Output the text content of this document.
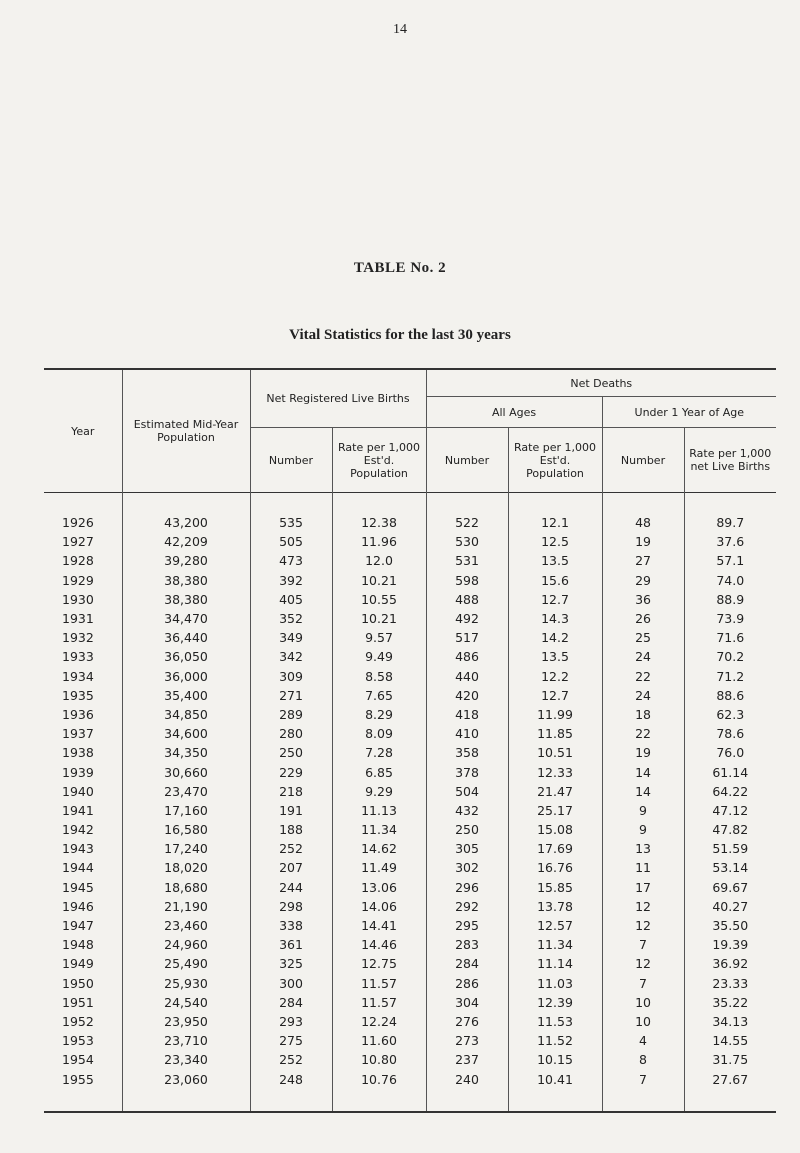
14
TABLE No. 2
Vital Statistics for the last 30 years
Year	Estimated Mid-Year Population	Net Registered Live Births		Net Deaths			
				All Ages		Under 1 Year of Age	
		Number	Rate per 1,000 Est'd. Population	Number	Rate per 1,000 Est'd. Population	Number	Rate per 1,000 net Live Births

1926	43,200	535	12.38	522	12.1	48	89.7
1927	42,209	505	11.96	530	12.5	19	37.6
1928	39,280	473	12.0	531	13.5	27	57.1
1929	38,380	392	10.21	598	15.6	29	74.0
1930	38,380	405	10.55	488	12.7	36	88.9
1931	34,470	352	10.21	492	14.3	26	73.9
1932	36,440	349	9.57	517	14.2	25	71.6
1933	36,050	342	9.49	486	13.5	24	70.2
1934	36,000	309	8.58	440	12.2	22	71.2
1935	35,400	271	7.65	420	12.7	24	88.6
1936	34,850	289	8.29	418	11.99	18	62.3
1937	34,600	280	8.09	410	11.85	22	78.6
1938	34,350	250	7.28	358	10.51	19	76.0
1939	30,660	229	6.85	378	12.33	14	61.14
1940	23,470	218	9.29	504	21.47	14	64.22
1941	17,160	191	11.13	432	25.17	9	47.12
1942	16,580	188	11.34	250	15.08	9	47.82
1943	17,240	252	14.62	305	17.69	13	51.59
1944	18,020	207	11.49	302	16.76	11	53.14
1945	18,680	244	13.06	296	15.85	17	69.67
1946	21,190	298	14.06	292	13.78	12	40.27
1947	23,460	338	14.41	295	12.57	12	35.50
1948	24,960	361	14.46	283	11.34	7	19.39
1949	25,490	325	12.75	284	11.14	12	36.92
1950	25,930	300	11.57	286	11.03	7	23.33
1951	24,540	284	11.57	304	12.39	10	35.22
1952	23,950	293	12.24	276	11.53	10	34.13
1953	23,710	275	11.60	273	11.52	4	14.55
1954	23,340	252	10.80	237	10.15	8	31.75
1955	23,060	248	10.76	240	10.41	7	27.67
